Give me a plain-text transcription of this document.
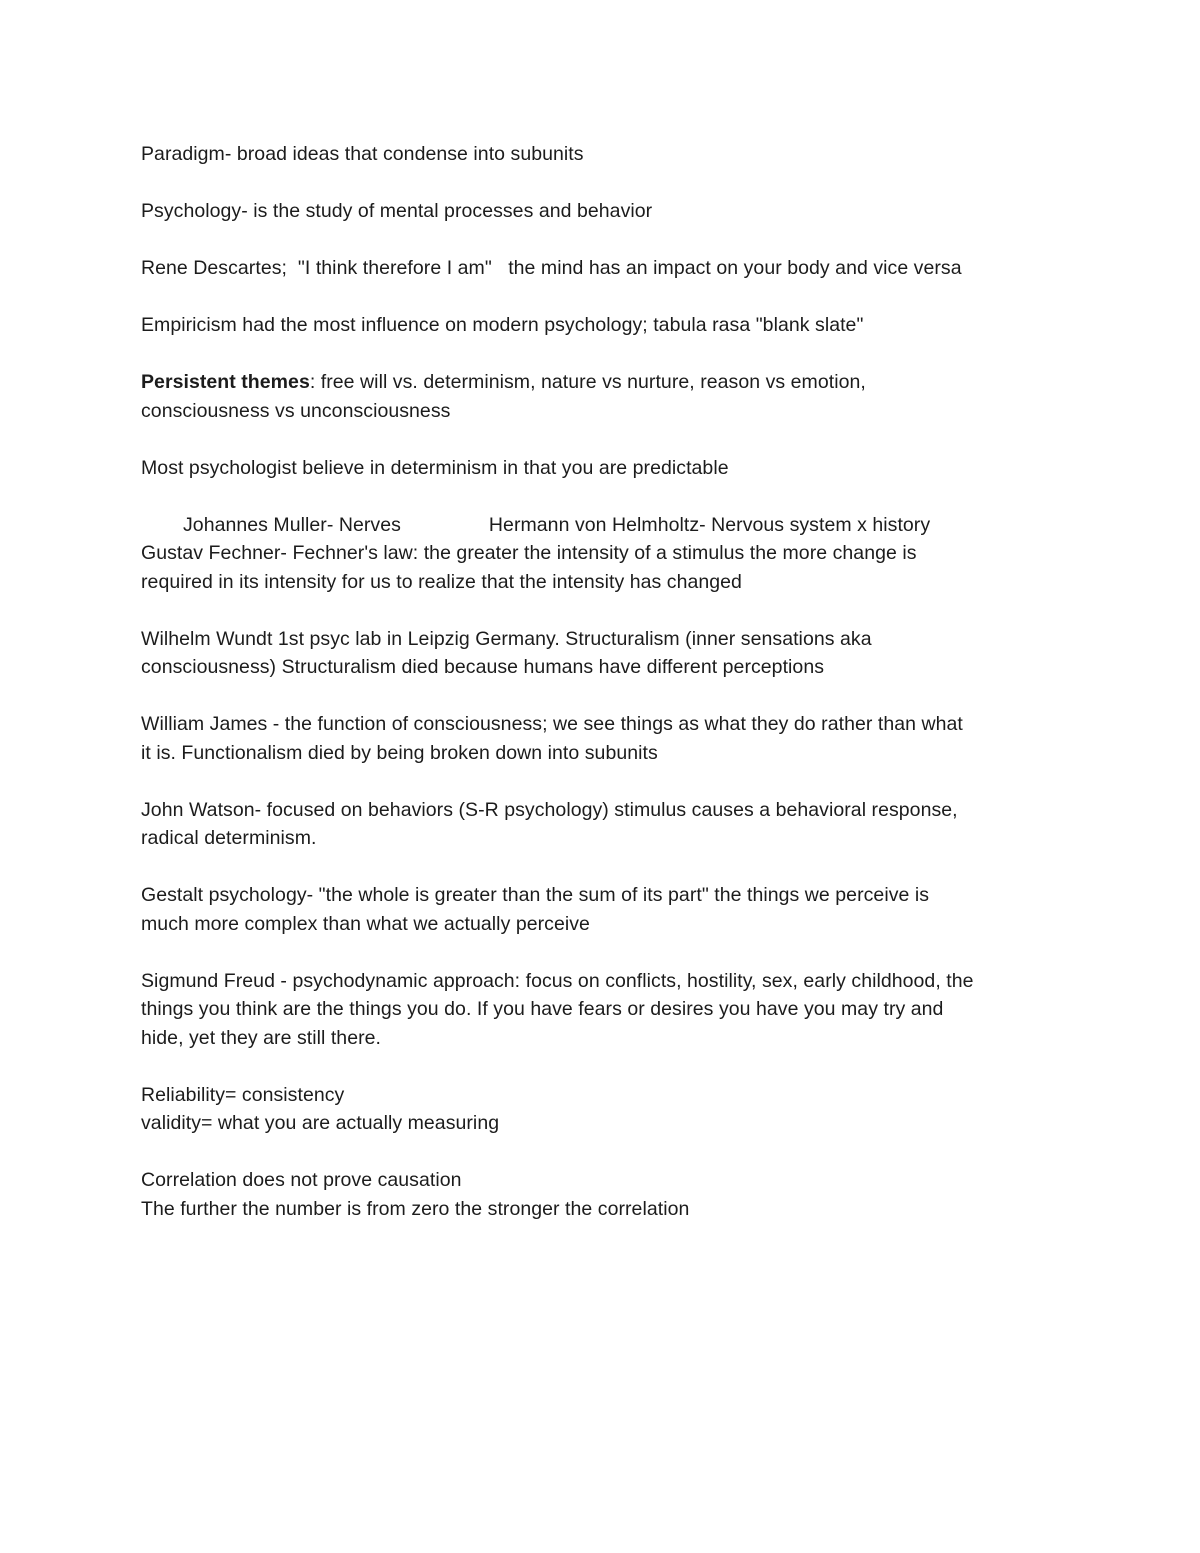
Paradigm- broad ideas that condense into subunits

Psychology- is the study of mental processes and behavior

Rene Descartes;  "I think therefore I am"   the mind has an impact on your body and vice versa

Empiricism had the most influence on modern psychology; tabula rasa "blank slate"

Persistent themes: free will vs. determinism, nature vs nurture, reason vs emotion,
consciousness vs unconsciousness

Most psychologist believe in determinism in that you are predictable

Johannes Muller- Nerves	Hermann von Helmholtz- Nervous system x history
Gustav Fechner- Fechner's law: the greater the intensity of a stimulus the more change is
required in its intensity for us to realize that the intensity has changed

Wilhelm Wundt 1st psyc lab in Leipzig Germany. Structuralism (inner sensations aka
consciousness) Structuralism died because humans have different perceptions

William James - the function of consciousness; we see things as what they do rather than what
it is. Functionalism died by being broken down into subunits

John Watson- focused on behaviors (S-R psychology) stimulus causes a behavioral response,
radical determinism.

Gestalt psychology- "the whole is greater than the sum of its part" the things we perceive is
much more complex than what we actually perceive

Sigmund Freud - psychodynamic approach: focus on conflicts, hostility, sex, early childhood, the
things you think are the things you do. If you have fears or desires you have you may try and
hide, yet they are still there.

Reliability= consistency
validity= what you are actually measuring

Correlation does not prove causation
The further the number is from zero the stronger the correlation
